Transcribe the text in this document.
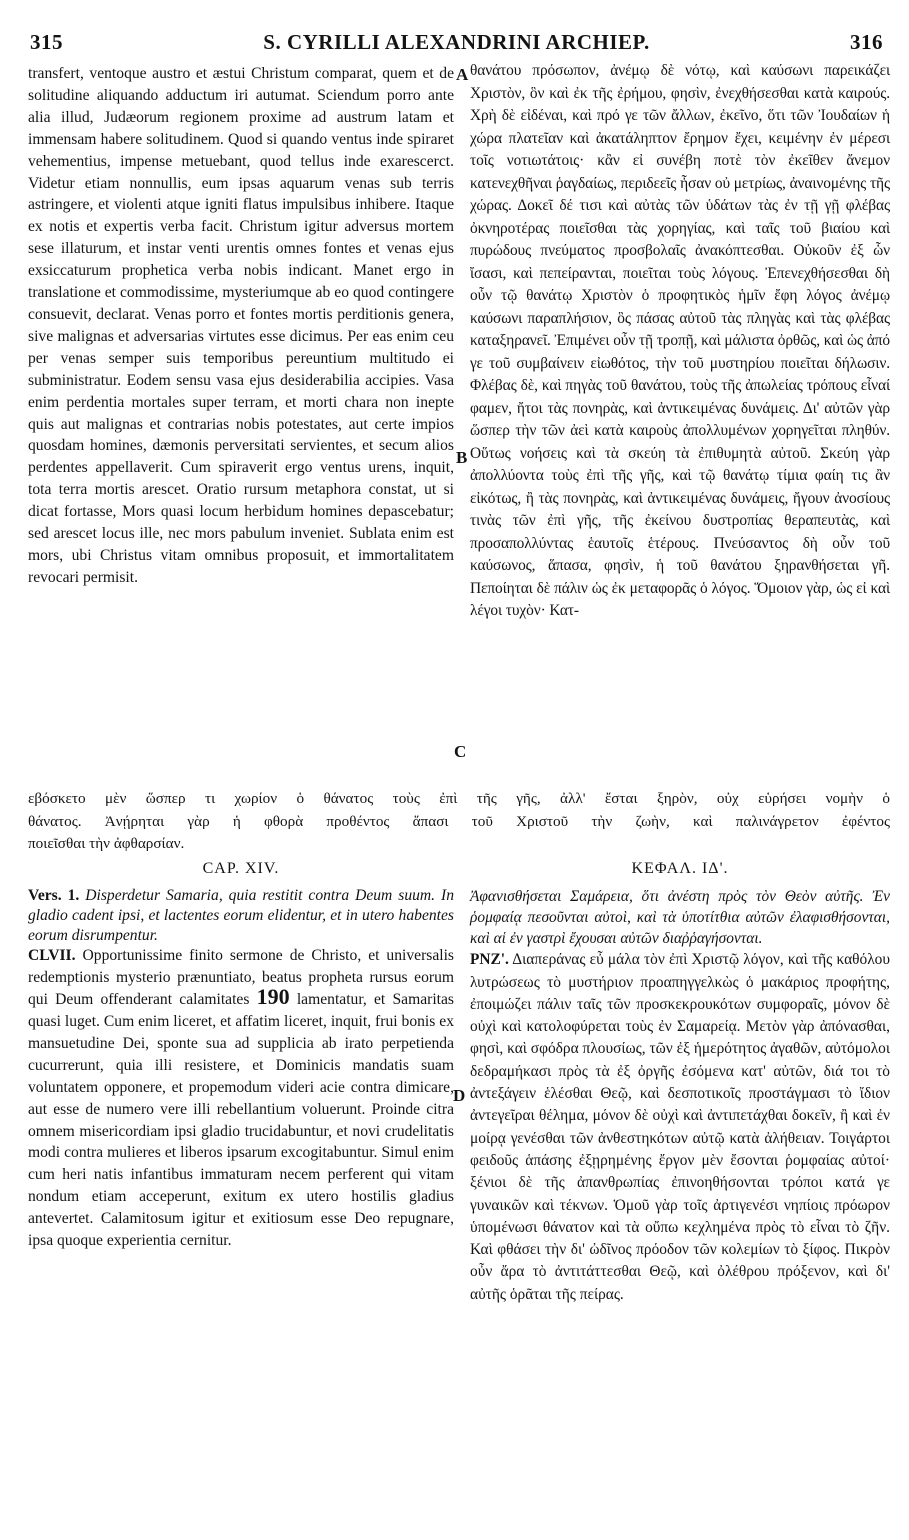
315	S. CYRILLI ALEXANDRINI ARCHIEP.	316

transfert, ventoque austro et æstui Christum comparat, quem et de solitudine aliquando adductum iri autumat. Sciendum porro ante alia illud, Judæorum regionem proxime ad austrum latam et immensam habere solitudinem. Quod si quando ventus inde spiraret vehementius, impense metuebant, quod tellus inde exarescerct. Videtur etiam nonnullis, eum ipsas aquarum venas sub terris astringere, et violenti atque igniti flatus impulsibus inhibere. Itaque ex notis et expertis verba facit. Christum igitur adversus mortem sese illaturum, et instar venti urentis omnes fontes et venas ejus exsiccaturum prophetica verba nobis indicant. Manet ergo in translatione et commodissime, mysteriumque ab eo quod contingere consuevit, declarat. Venas porro et fontes mortis perditionis genera, sive malignas et adversarias virtutes esse dicimus. Per eas enim ceu per venas semper suis temporibus pereuntium multitudo ei subministratur. Eodem sensu vasa ejus desiderabilia accipies. Vasa enim perdentia mortales super terram, et morti chara non inepte quis aut malignas et contrarias nobis potestates, aut certe impios quosdam homines, dæmonis perversitati servientes, et secum alios perdentes appellaverit. Cum spiraverit ergo ventus urens, inquit, tota terra mortis arescet. Oratio rursum metaphora constat, ut si dicat fortasse, Mors quasi locum herbidum homines depascebatur; sed arescet locus ille, nec mors pabulum inveniet. Sublata enim est mors, ubi Christus vitam omnibus proposuit, et immortalitatem revocari permisit.

θανάτου πρόσωπον, ἀνέμῳ δὲ νότῳ, καὶ καύσωνι παρεικάζει Χριστὸν, ὃν καὶ ἐκ τῆς ἐρήμου, φησὶν, ἐνεχθήσεσθαι κατὰ καιρούς. Χρὴ δὲ εἰδέναι, καὶ πρό γε τῶν ἄλλων, ἐκεῖνο, ὅτι τῶν Ἰουδαίων ἡ χώρα πλατεῖαν καὶ ἀκατάληπτον ἔρημον ἔχει, κειμένην ἐν μέρεσι τοῖς νοτιωτάτοις· κἂν εἰ συνέβη ποτὲ τὸν ἐκεῖθεν ἄνεμον κατενεχθῆναι ῥαγδαίως, περιδεεῖς ἦσαν οὐ μετρίως, ἀναινομένης τῆς χώρας. Δοκεῖ δέ τισι καὶ αὐτὰς τῶν ὑδάτων τὰς ἐν τῇ γῇ φλέβας ὀκνηροτέρας ποιεῖσθαι τὰς χορηγίας, καὶ ταῖς τοῦ βιαίου καὶ πυρώδους πνεύματος προσβολαῖς ἀνακόπτεσθαι. Οὐκοῦν ἐξ ὧν ἴσασι, καὶ πεπείρανται, ποιεῖται τοὺς λόγους. Ἐπενεχθήσεσθαι δὴ οὖν τῷ θανάτῳ Χριστὸν ὁ προφητικὸς ἡμῖν ἔφη λόγος ἀνέμῳ καύσωνι παραπλήσιον, ὃς πάσας αὐτοῦ τὰς πληγὰς καὶ τὰς φλέβας καταξηρανεῖ. Ἐπιμένει οὖν τῇ τροπῇ, καὶ μάλιστα ὀρθῶς, καὶ ὡς ἀπό γε τοῦ συμβαίνειν εἰωθότος, τὴν τοῦ μυστηρίου ποιεῖται δήλωσιν. Φλέβας δὲ, καὶ πηγὰς τοῦ θανάτου, τοὺς τῆς ἀπωλείας τρόπους εἶναί φαμεν, ἤτοι τὰς πονηρὰς, καὶ ἀντικειμένας δυνάμεις. Δι' αὐτῶν γὰρ ὥσπερ τὴν τῶν ἀεὶ κατὰ καιροὺς ἀπολλυμένων χορηγεῖται πληθύν. Οὕτως νοήσεις καὶ τὰ σκεύη τὰ ἐπιθυμητὰ αὐτοῦ. Σκεύη γὰρ ἀπολλύοντα τοὺς ἐπὶ τῆς γῆς, καὶ τῷ θανάτῳ τίμια φαίη τις ἂν εἰκότως, ἢ τὰς πονηρὰς, καὶ ἀντικειμένας δυνάμεις, ἤγουν ἀνοσίους τινὰς τῶν ἐπὶ γῆς, τῆς ἐκείνου δυστροπίας θεραπευτὰς, καὶ προσαπολλύντας ἑαυτοῖς ἑτέρους. Πνεύσαντος δὴ οὖν τοῦ καύσωνος, ἅπασα, φησὶν, ἡ τοῦ θανάτου ξηρανθήσεται γῆ. Πεποίηται δὲ πάλιν ὡς ἐκ μεταφορᾶς ὁ λόγος. Ὅμοιον γὰρ, ὡς εἰ καὶ λέγοι τυχὸν· Κατ-

A
B
C
D
εβόσκετο μὲν ὥσπερ τι χωρίον ὁ θάνατος τοὺς ἐπὶ τῆς γῆς, ἀλλ' ἔσται ξηρὸν, οὐχ εὑρήσει νομὴν ὁ
θάνατος. Ἀνῄρηται γὰρ ἡ φθορὰ προθέντος ἅπασι τοῦ Χριστοῦ τὴν ζωὴν, καὶ παλινάγρετον ἐφέντος
ποιεῖσθαι τὴν ἀφθαρσίαν.
CAP. XIV.

Vers. 1. Disperdetur Samaria, quia restitit contra Deum suum. In gladio cadent ipsi, et lactentes eorum elidentur, et in utero habentes eorum disrumpentur.

CLVII. Opportunissime finito sermone de Christo, et universalis redemptionis mysterio prænuntiato, beatus propheta rursus eorum qui Deum offenderant calamitates 190 lamentatur, et Samaritas quasi luget. Cum enim liceret, et affatim liceret, inquit, frui bonis ex mansuetudine Dei, sponte sua ad supplicia ab irato perpetienda cucurrerunt, quia illi resistere, et Dominicis mandatis suam voluntatem opponere, et propemodum videri acie contra dimicare, aut esse de numero vere illi rebellantium voluerunt. Proinde citra omnem misericordiam ipsi gladio trucidabuntur, et novi crudelitatis modi contra mulieres et liberos ipsarum excogitabuntur. Simul enim cum heri natis infantibus immaturam necem perferent qui vitam nondum etiam acceperunt, exitum ex utero hostilis gladius antevertet. Calamitosum igitur et exitiosum esse Deo repugnare, ipsa quoque experientia cernitur.

ΚΕΦΑΛ. ΙΔ'.

Ἀφανισθήσεται Σαμάρεια, ὅτι ἀνέστη πρὸς τὸν Θεὸν αὐτῆς. Ἐν ῥομφαίᾳ πεσοῦνται αὐτοὶ, καὶ τὰ ὑποτίτθια αὐτῶν ἐλαφισθήσονται, καὶ αἱ ἐν γαστρὶ ἔχουσαι αὐτῶν διαῤῥαγήσονται.

ΡΝΖ'. Διαπεράνας εὖ μάλα τὸν ἐπὶ Χριστῷ λόγον, καὶ τῆς καθόλου λυτρώσεως τὸ μυστήριον προαπηγγελκὼς ὁ μακάριος προφήτης, ἐποιμώζει πάλιν ταῖς τῶν προσκεκρουκότων συμφοραῖς, μόνον δὲ οὐχὶ καὶ κατολοφύρεται τοὺς ἐν Σαμαρείᾳ. Μετὸν γὰρ ἀπόνασθαι, φησὶ, καὶ σφόδρα πλουσίως, τῶν ἐξ ἡμερότητος ἀγαθῶν, αὐτόμολοι δεδραμήκασι πρὸς τὰ ἐξ ὀργῆς ἐσόμενα κατ' αὐτῶν, διά τοι τὸ ἀντεξάγειν ἑλέσθαι Θεῷ, καὶ δεσποτικοῖς προστάγμασι τὸ ἴδιον ἀντεγεῖραι θέλημα, μόνον δὲ οὐχὶ καὶ ἀντιπετάχθαι δοκεῖν, ἢ καὶ ἐν μοίρᾳ γενέσθαι τῶν ἀνθεστηκότων αὐτῷ κατὰ ἀλήθειαν. Τοιγάρτοι φειδοῦς ἁπάσης ἐξῃρημένης ἔργον μὲν ἔσονται ῥομφαίας αὐτοί· ξένιοι δὲ τῆς ἀπανθρωπίας ἐπινοηθήσονται τρόποι κατά γε γυναικῶν καὶ τέκνων. Ὁμοῦ γὰρ τοῖς ἀρτιγενέσι νηπίοις πρόωρον ὑπομένωσι θάνατον καὶ τὰ οὔπω κεχλημένα πρὸς τὸ εἶναι τὸ ζῆν. Καὶ φθάσει τὴν δι' ὠδῖνος πρόοδον τῶν κολεμίων τὸ ξίφος. Πικρὸν οὖν ἄρα τὸ ἀντιτάττεσθαι Θεῷ, καὶ ὀλέθρου πρόξενον, καὶ δι' αὐτῆς ὁρᾶται τῆς πείρας.
